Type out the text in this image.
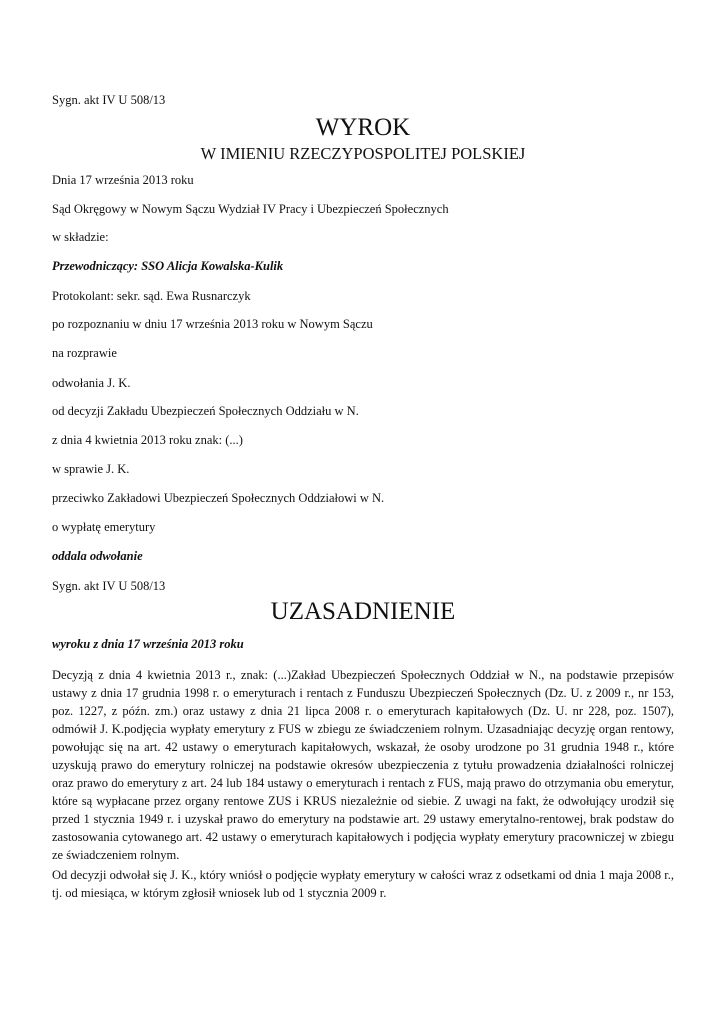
Sygn. akt IV U 508/13

WYROK
W IMIENIU RZECZYPOSPOLITEJ POLSKIEJ

Dnia 17 września 2013 roku

Sąd Okręgowy w Nowym Sączu Wydział IV Pracy i Ubezpieczeń Społecznych

w składzie:

Przewodniczący: SSO Alicja Kowalska-Kulik

Protokolant: sekr. sąd. Ewa Rusnarczyk

po rozpoznaniu w dniu 17 września 2013 roku w Nowym Sączu

na rozprawie

odwołania J. K.

od decyzji Zakładu Ubezpieczeń Społecznych Oddziału w N.

z dnia 4 kwietnia 2013 roku znak: (...)

w sprawie J. K.

przeciwko Zakładowi Ubezpieczeń Społecznych Oddziałowi w N.

o wypłatę emerytury

oddala odwołanie

Sygn. akt IV U 508/13

UZASADNIENIE

wyroku z dnia 17 września 2013 roku

Decyzją z dnia 4 kwietnia 2013 r., znak: (...)Zakład Ubezpieczeń Społecznych Oddział w N., na podstawie przepisów ustawy z dnia 17 grudnia 1998 r. o emeryturach i rentach z Funduszu Ubezpieczeń Społecznych (Dz. U. z 2009 r., nr 153, poz. 1227, z późn. zm.) oraz ustawy z dnia 21 lipca 2008 r. o emeryturach kapitałowych (Dz. U. nr 228, poz. 1507), odmówił J. K.podjęcia wypłaty emerytury z FUS w zbiegu ze świadczeniem rolnym. Uzasadniając decyzję organ rentowy, powołując się na art. 42 ustawy o emeryturach kapitałowych, wskazał, że osoby urodzone po 31 grudnia 1948 r., które uzyskują prawo do emerytury rolniczej na podstawie okresów ubezpieczenia z tytułu prowadzenia działalności rolniczej oraz prawo do emerytury z art. 24 lub 184 ustawy o emeryturach i rentach z FUS, mają prawo do otrzymania obu emerytur, które są wypłacane przez organy rentowe ZUS i KRUS niezależnie od siebie. Z uwagi na fakt, że odwołujący urodził się przed 1 stycznia 1949 r. i uzyskał prawo do emerytury na podstawie art. 29 ustawy emerytalno-rentowej, brak podstaw do zastosowania cytowanego art. 42 ustawy o emeryturach kapitałowych i podjęcia wypłaty emerytury pracowniczej w zbiegu ze świadczeniem rolnym.

Od decyzji odwołał się J. K., który wniósł o podjęcie wypłaty emerytury w całości wraz z odsetkami od dnia 1 maja 2008 r., tj. od miesiąca, w którym zgłosił wniosek lub od 1 stycznia 2009 r.
